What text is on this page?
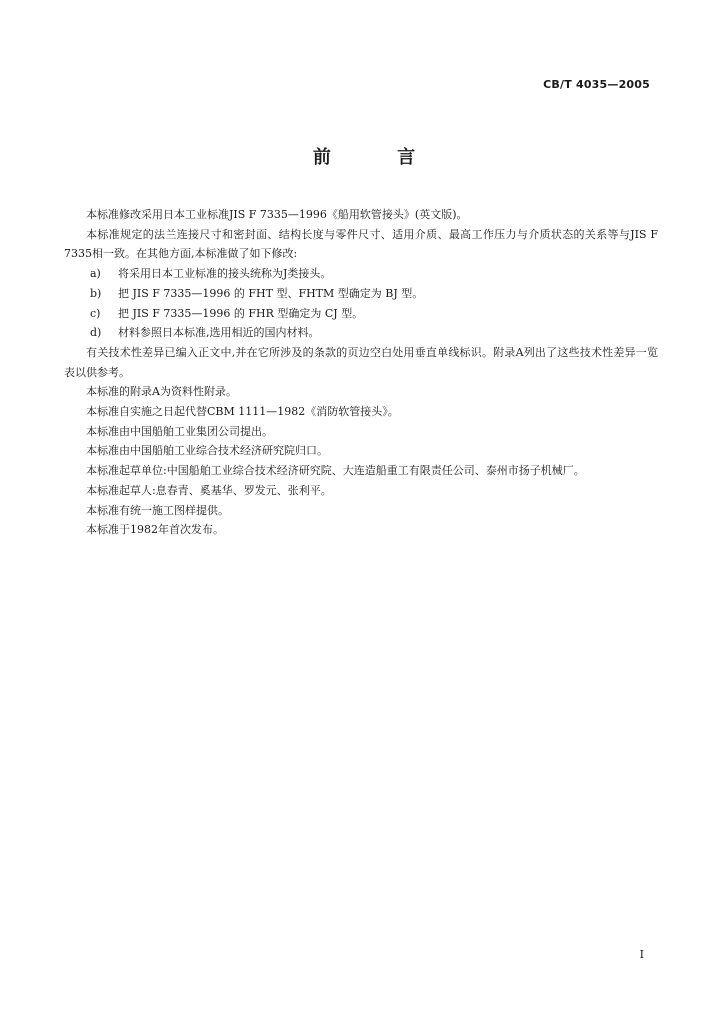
CB/T 4035—2005
前 言

本标准修改采用日本工业标准JIS F 7335—1996《船用软管接头》(英文版)。

本标准规定的法兰连接尺寸和密封面、结构长度与零件尺寸、适用介质、最高工作压力与介质状态的关系等与JIS F 7335相一致。在其他方面,本标准做了如下修改:

a) 将采用日本工业标准的接头统称为J类接头。

b) 把 JIS F 7335—1996 的 FHT 型、FHTM 型确定为 BJ 型。

c) 把 JIS F 7335—1996 的 FHR 型确定为 CJ 型。

d) 材料参照日本标准,选用相近的国内材料。

有关技术性差异已编入正文中,并在它所涉及的条款的页边空白处用垂直单线标识。附录A列出了这些技术性差异一览表以供参考。

本标准的附录A为资料性附录。

本标准自实施之日起代替CBM 1111—1982《消防软管接头》。

本标准由中国船舶工业集团公司提出。

本标准由中国船舶工业综合技术经济研究院归口。

本标准起草单位:中国船舶工业综合技术经济研究院、大连造船重工有限责任公司、泰州市扬子机械厂。

本标准起草人:息春青、奚基华、罗发元、张利平。

本标准有统一施工图样提供。

本标准于1982年首次发布。

I
